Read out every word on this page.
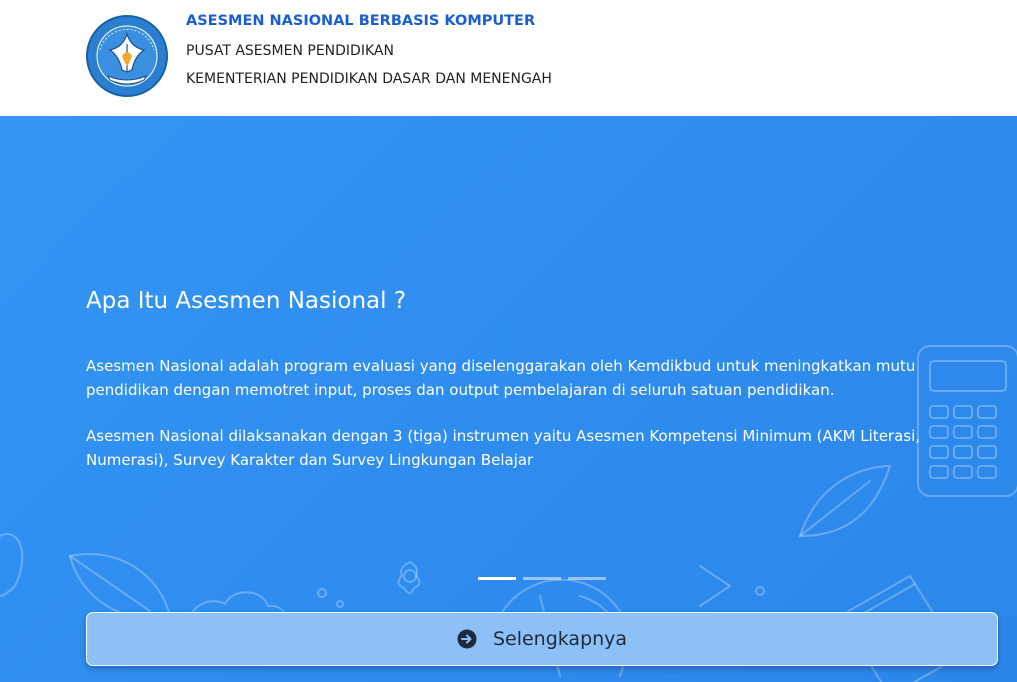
ASESMEN NASIONAL BERBASIS KOMPUTER
PUSAT ASESMEN PENDIDIKAN
KEMENTERIAN PENDIDIKAN DASAR DAN MENENGAH
Apa Itu Asesmen Nasional ?

Asesmen Nasional adalah program evaluasi yang diselenggarakan oleh Kemdikbud untuk meningkatkan mutu pendidikan dengan memotret input, proses dan output pembelajaran di seluruh satuan pendidikan.

Asesmen Nasional dilaksanakan dengan 3 (tiga) instrumen yaitu Asesmen Kompetensi Minimum (AKM Literasi, Numerasi), Survey Karakter dan Survey Lingkungan Belajar

Selengkapnya
